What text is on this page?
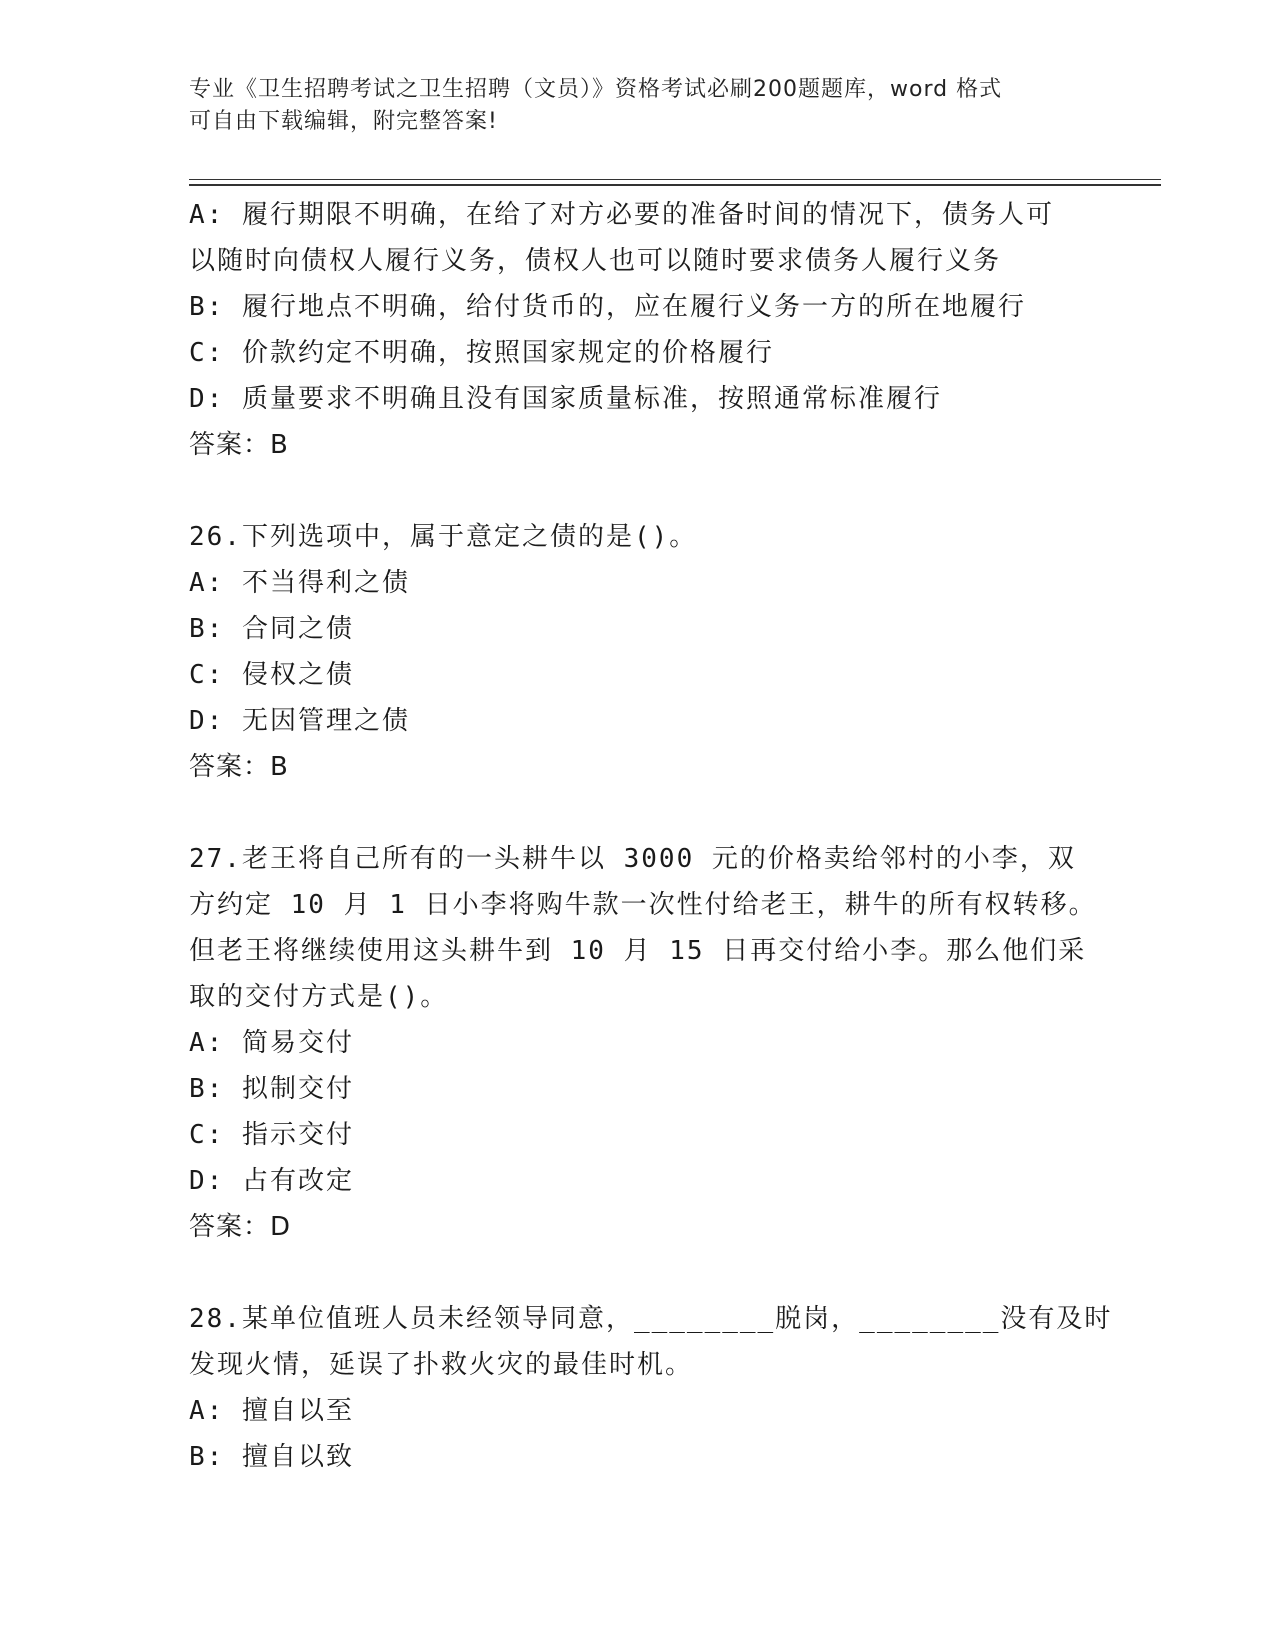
专业《卫生招聘考试之卫生招聘（文员）》资格考试必刷200题题库，word 格式
可自由下载编辑，附完整答案!
A: 履行期限不明确，在给了对方必要的准备时间的情况下，债务人可
以随时向债权人履行义务，债权人也可以随时要求债务人履行义务
B: 履行地点不明确，给付货币的，应在履行义务一方的所在地履行
C: 价款约定不明确，按照国家规定的价格履行
D: 质量要求不明确且没有国家质量标准，按照通常标准履行
答案：B
26.下列选项中，属于意定之债的是()。
A: 不当得利之债
B: 合同之债
C: 侵权之债
D: 无因管理之债
答案：B
27.老王将自己所有的一头耕牛以 3000 元的价格卖给邻村的小李，双
方约定 10 月 1 日小李将购牛款一次性付给老王，耕牛的所有权转移。
但老王将继续使用这头耕牛到 10 月 15 日再交付给小李。那么他们采
取的交付方式是()。
A: 简易交付
B: 拟制交付
C: 指示交付
D: 占有改定
答案：D
28.某单位值班人员未经领导同意，________脱岗，________没有及时
发现火情，延误了扑救火灾的最佳时机。
A: 擅自以至
B: 擅自以致
